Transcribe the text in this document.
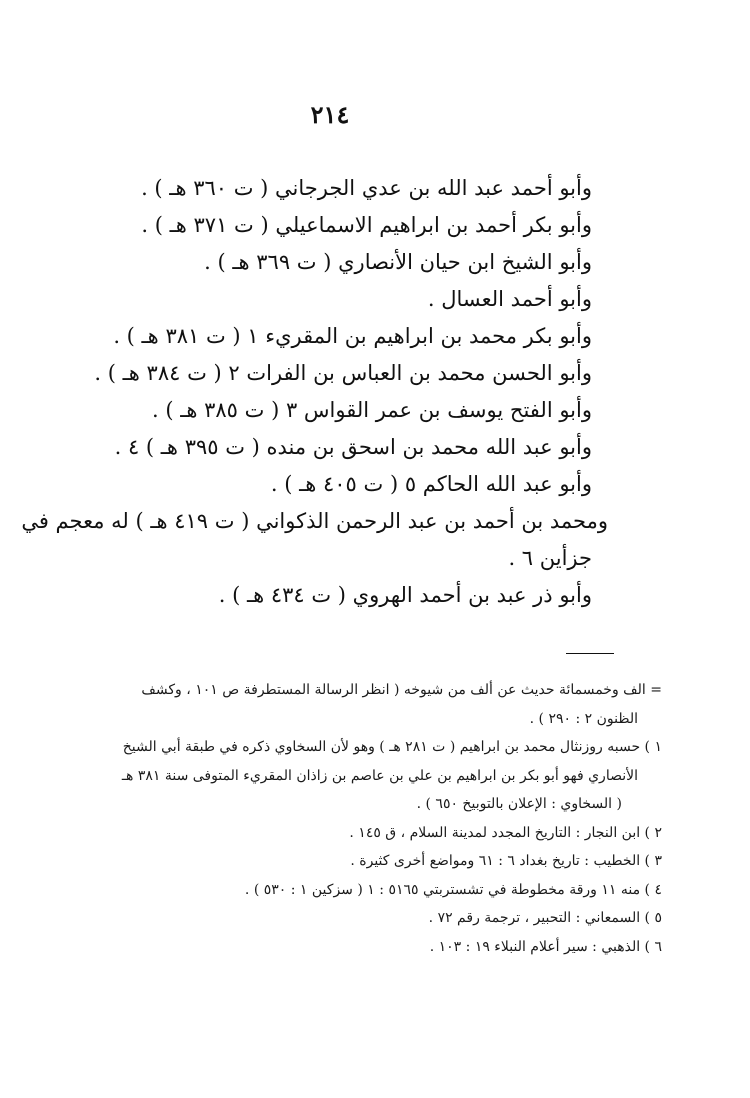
٢١٤
وأبو أحمد عبد الله بن عدي الجرجاني ( ت ٣٦٠ هـ ) .
وأبو بكر أحمد بن ابراهيم الاسماعيلي ( ت ٣٧١ هـ ) .
وأبو الشيخ ابن حيان الأنصاري ( ت ٣٦٩ هـ ) .
وأبو أحمد العسال .
وأبو بكر محمد بن ابراهيم بن المقريء ١ ( ت ٣٨١ هـ ) .
وأبو الحسن محمد بن العباس بن الفرات ٢ ( ت ٣٨٤ هـ ) .
وأبو الفتح يوسف بن عمر القواس ٣ ( ت ٣٨٥ هـ ) .
وأبو عبد الله محمد بن اسحق بن منده ( ت ٣٩٥ هـ ) ٤ .
وأبو عبد الله الحاكم ٥ ( ت ٤٠٥ هـ ) .
ومحمد بن أحمد بن عبد الرحمن الذكواني ( ت ٤١٩ هـ ) له معجم في
جزأين ٦ .
وأبو ذر عبد بن أحمد الهروي ( ت ٤٣٤ هـ ) .
= الف وخمسمائة حديث عن ألف من شيوخه ( انظر الرسالة المستطرفة ص ١٠١ ، وكشف
الظنون ٢ : ٢٩٠ ) .
١ ) حسبه روزنثال محمد بن ابراهيم ( ت ٢٨١ هـ ) وهو لأن السخاوي ذكره في طبقة أبي الشيخ
الأنصاري فهو أبو بكر بن ابراهيم بن علي بن عاصم بن زاذان المقريء المتوفى سنة ٣٨١ هـ
( السخاوي : الإعلان بالتوبيخ ٦٥٠ ) .
٢ ) ابن النجار : التاريخ المجدد لمدينة السلام ، ق ١٤٥ .
٣ ) الخطيب : تاريخ بغداد ٦ : ٦١ ومواضع أخرى كثيرة .
٤ ) منه ١١ ورقة مخطوطة في تشستربتي ٥١٦٥ : ١ ( سزكين ١ : ٥٣٠ ) .
٥ ) السمعاني : التحبير ، ترجمة رقم ٧٢ .
٦ ) الذهبي : سير أعلام النبلاء ١٩ : ١٠٣ .
